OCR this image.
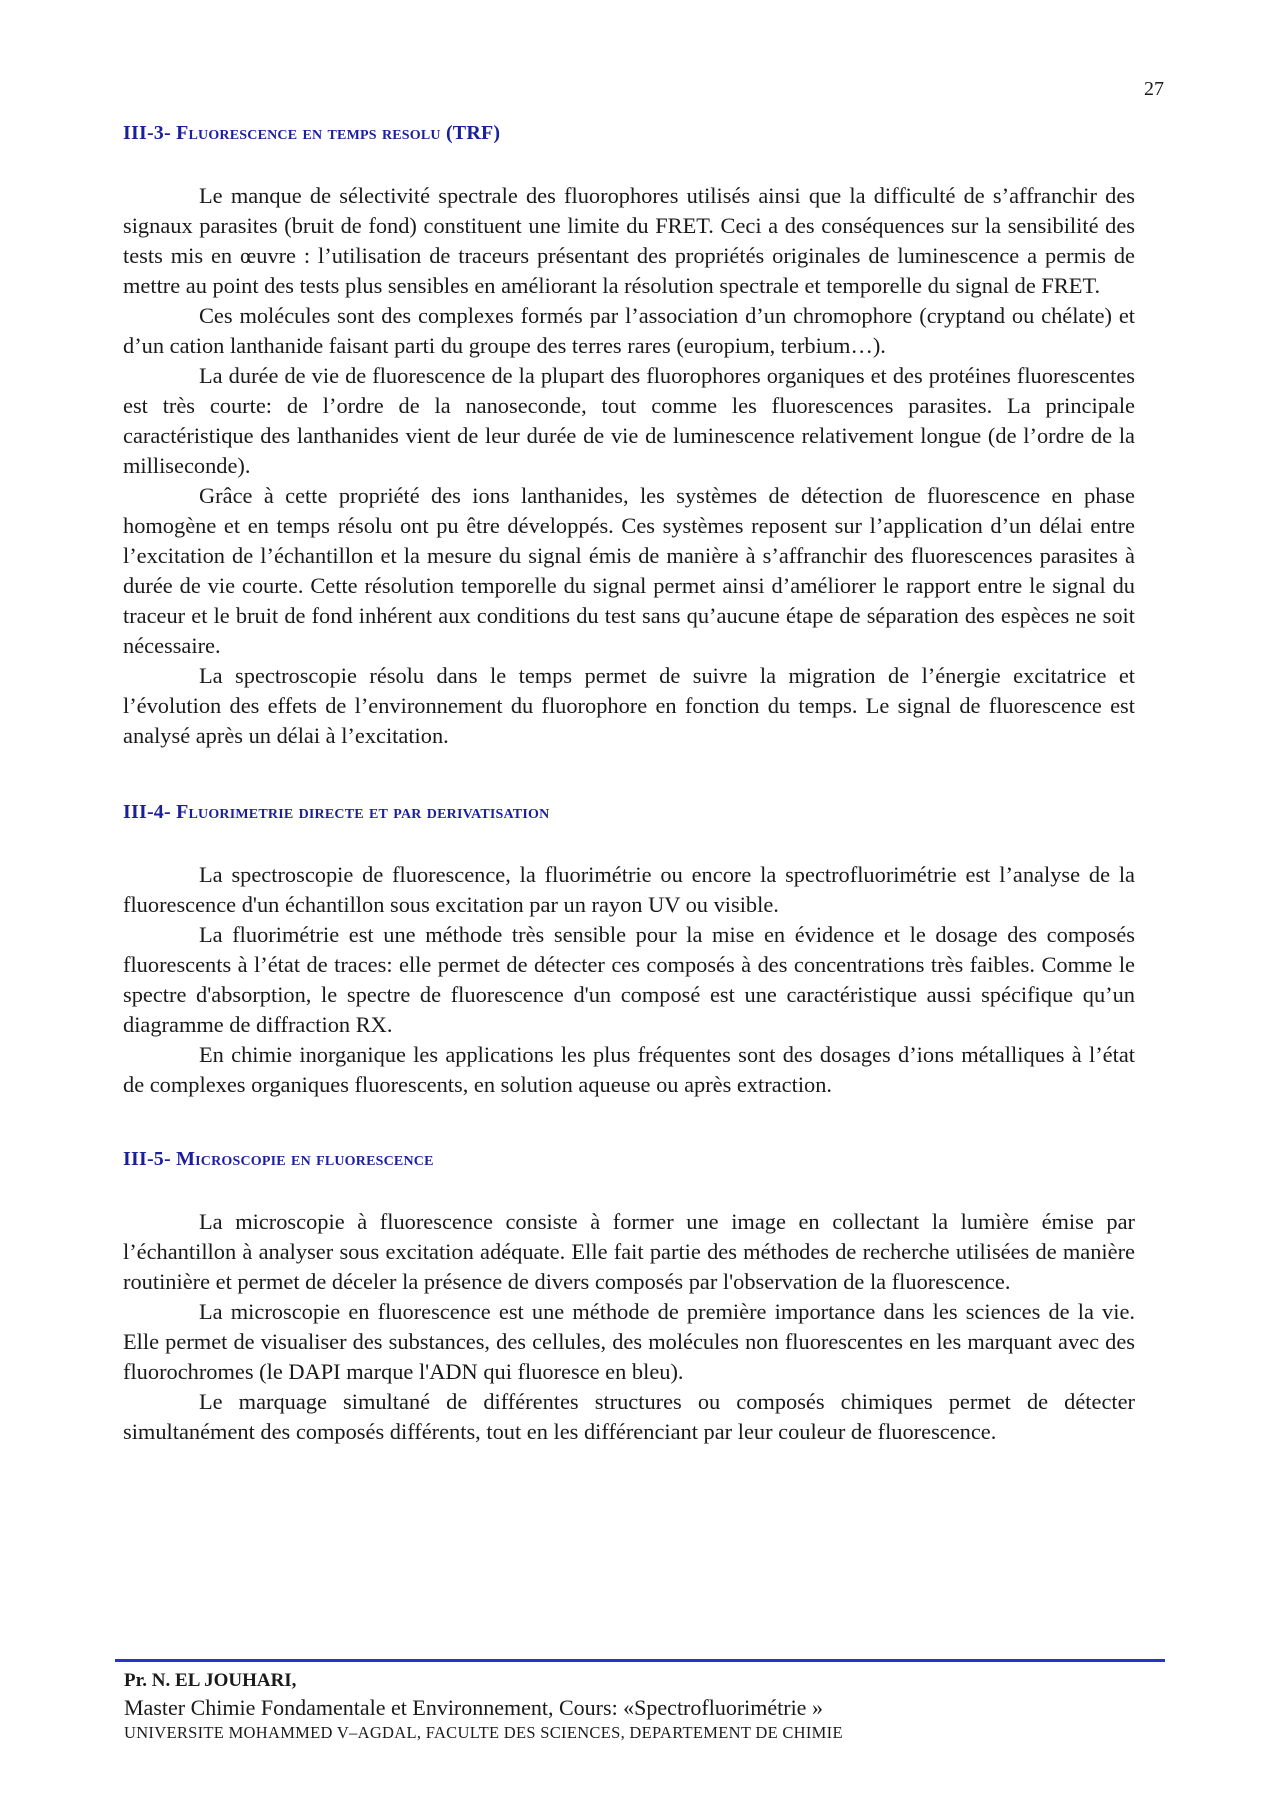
27
III-3- Fluorescence en temps resolu (TRF)

Le manque de sélectivité spectrale des fluorophores utilisés ainsi que la difficulté de s’affranchir des signaux parasites (bruit de fond) constituent une limite du FRET. Ceci a des conséquences sur la sensibilité des tests mis en œuvre : l’utilisation de traceurs présentant des propriétés originales de luminescence a permis de mettre au point des tests plus sensibles en améliorant la résolution spectrale et temporelle du signal de FRET.

Ces molécules sont des complexes formés par l’association d’un chromophore (cryptand ou chélate) et d’un cation lanthanide faisant parti du groupe des terres rares (europium, terbium…).

La durée de vie de fluorescence de la plupart des fluorophores organiques et des protéines fluorescentes est très courte: de l’ordre de la nanoseconde, tout comme les fluorescences parasites. La principale caractéristique des lanthanides vient de leur durée de vie de luminescence relativement longue (de l’ordre de la milliseconde).

Grâce à cette propriété des ions lanthanides, les systèmes de détection de fluorescence en phase homogène et en temps résolu ont pu être développés. Ces systèmes reposent sur l’application d’un délai entre l’excitation de l’échantillon et la mesure du signal émis de manière à s’affranchir des fluorescences parasites à durée de vie courte. Cette résolution temporelle du signal permet ainsi d’améliorer le rapport entre le signal du traceur et le bruit de fond inhérent aux conditions du test sans qu’aucune étape de séparation des espèces ne soit nécessaire.

La spectroscopie résolu dans le temps permet de suivre la migration de l’énergie excitatrice et l’évolution des effets de l’environnement du fluorophore en fonction du temps. Le signal de fluorescence est analysé après un délai à l’excitation.

III-4- Fluorimetrie directe et par derivatisation

La spectroscopie de fluorescence, la fluorimétrie ou encore la spectrofluorimétrie est l’analyse de la fluorescence d'un échantillon sous excitation par un rayon UV ou visible.

La fluorimétrie est une méthode très sensible pour la mise en évidence et le dosage des composés fluorescents à l’état de traces: elle permet de détecter ces composés à des concentrations très faibles. Comme le spectre d'absorption, le spectre de fluorescence d'un composé est une caractéristique aussi spécifique qu’un diagramme de diffraction RX.

En chimie inorganique les applications les plus fréquentes sont des dosages d’ions métalliques à l’état de complexes organiques fluorescents, en solution aqueuse ou après extraction.

III-5- Microscopie en fluorescence

La microscopie à fluorescence consiste à former une image en collectant la lumière émise par l’échantillon à analyser sous excitation adéquate. Elle fait partie des méthodes de recherche utilisées de manière routinière et permet de déceler la présence de divers composés par l'observation de la fluorescence.

La microscopie en fluorescence est une méthode de première importance dans les sciences de la vie. Elle permet de visualiser des substances, des cellules, des molécules non fluorescentes en les marquant avec des fluorochromes (le DAPI marque l'ADN qui fluoresce en bleu).

Le marquage simultané de différentes structures ou composés chimiques permet de détecter simultanément des composés différents, tout en les différenciant par leur couleur de fluorescence.

Pr. N. EL JOUHARI,
Master Chimie Fondamentale et Environnement, Cours: «Spectrofluorimétrie »
UNIVERSITE MOHAMMED V–AGDAL, FACULTE DES SCIENCES, DEPARTEMENT DE CHIMIE
